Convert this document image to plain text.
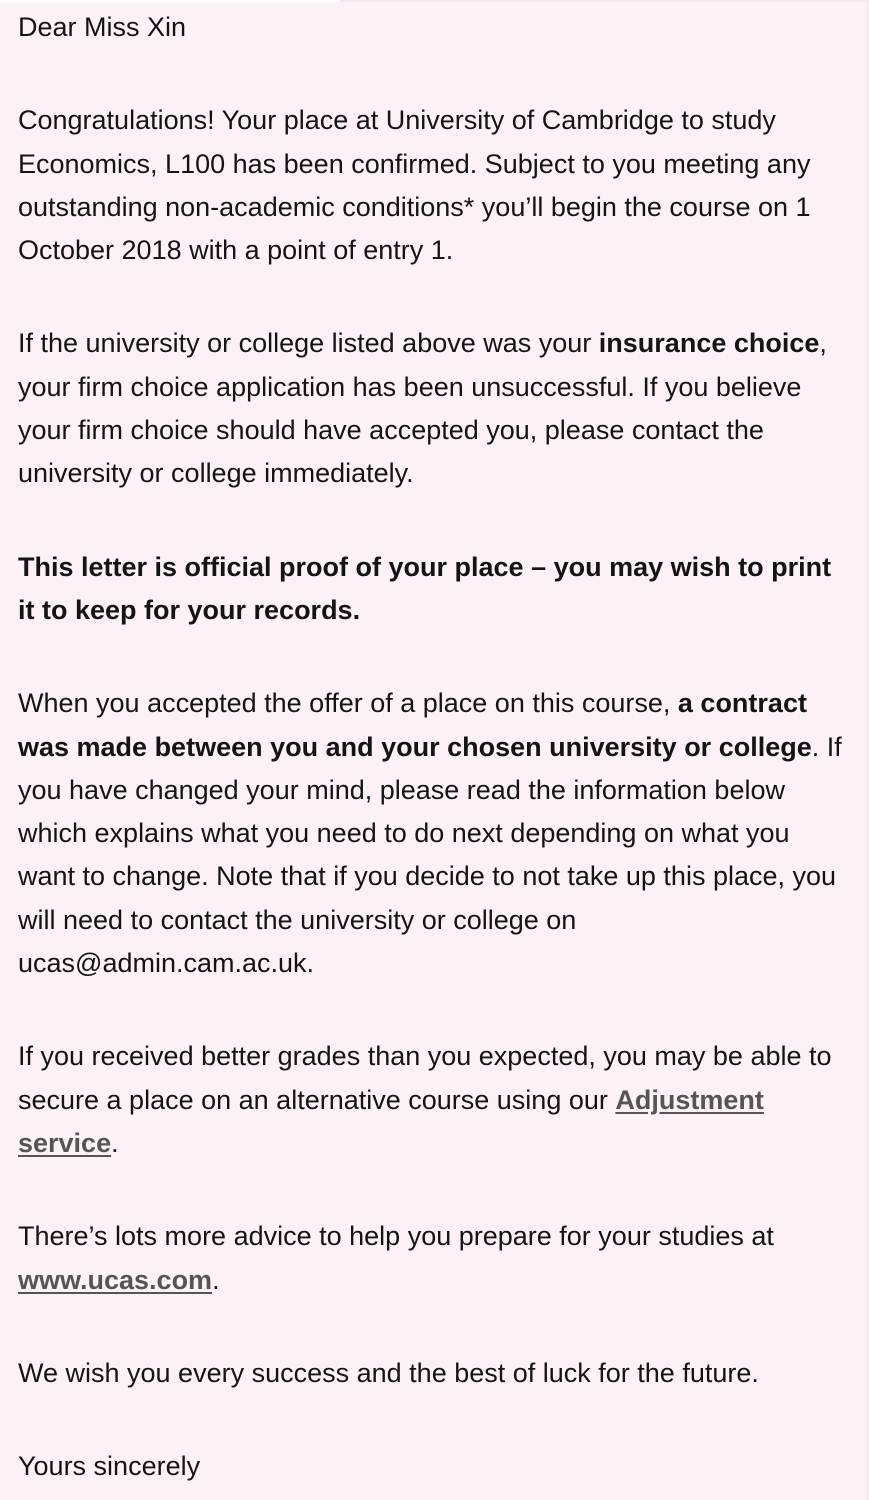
Dear Miss Xin

Congratulations! Your place at University of Cambridge to study Economics, L100 has been confirmed. Subject to you meeting any outstanding non-academic conditions* you’ll begin the course on 1 October 2018 with a point of entry 1.

If the university or college listed above was your insurance choice, your firm choice application has been unsuccessful. If you believe your firm choice should have accepted you, please contact the university or college immediately.

This letter is official proof of your place – you may wish to print it to keep for your records.

When you accepted the offer of a place on this course, a contract was made between you and your chosen university or college. If you have changed your mind, please read the information below which explains what you need to do next depending on what you want to change. Note that if you decide to not take up this place, you will need to contact the university or college on ucas@admin.cam.ac.uk.

If you received better grades than you expected, you may be able to secure a place on an alternative course using our Adjustment service.

There’s lots more advice to help you prepare for your studies at www.ucas.com.

We wish you every success and the best of luck for the future.

Yours sincerely
